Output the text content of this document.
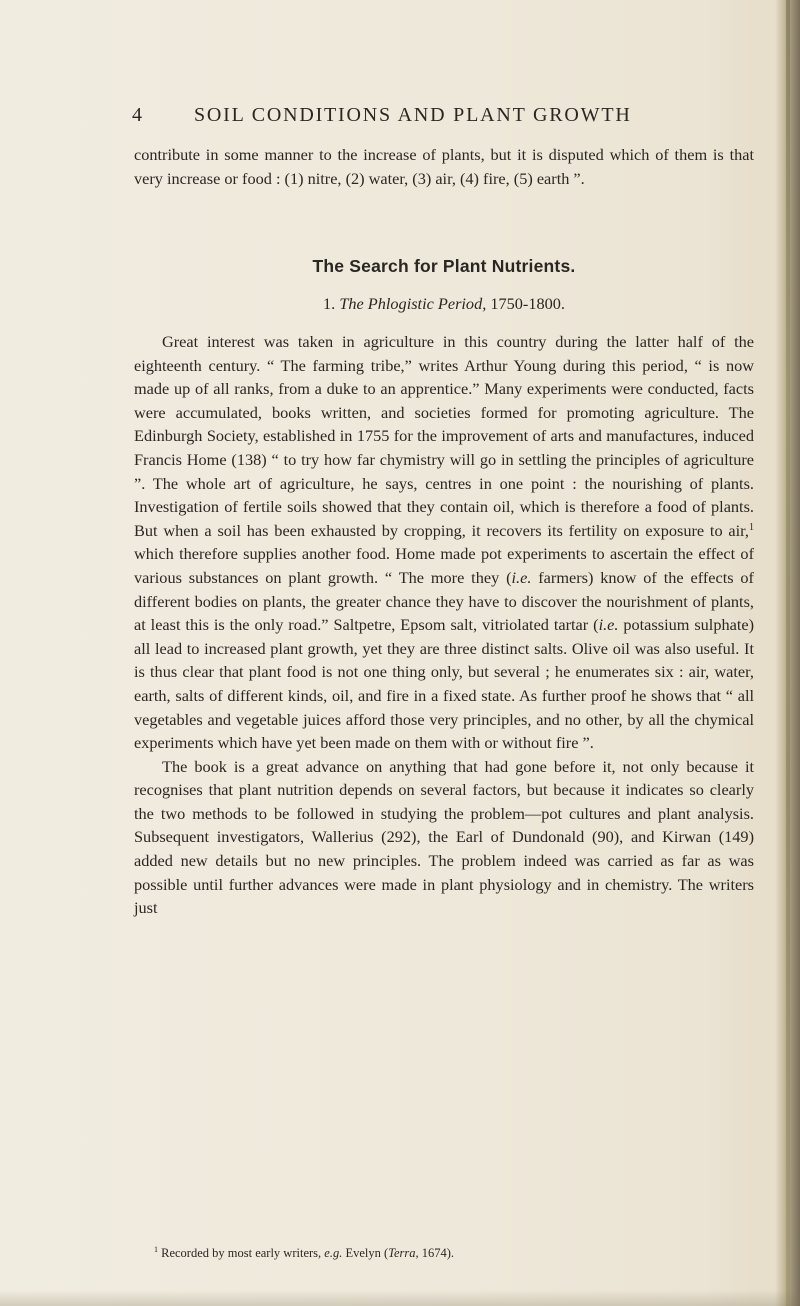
4	SOIL CONDITIONS AND PLANT GROWTH
contribute in some manner to the increase of plants, but it is disputed which of them is that very increase or food : (1) nitre, (2) water, (3) air, (4) fire, (5) earth ”.
The Search for Plant Nutrients.
1. The Phlogistic Period, 1750-1800.

Great interest was taken in agriculture in this country during the latter half of the eighteenth century. “ The farming tribe,” writes Arthur Young during this period, “ is now made up of all ranks, from a duke to an apprentice.” Many experiments were conducted, facts were accumulated, books written, and societies formed for promoting agriculture. The Edinburgh Society, established in 1755 for the improvement of arts and manufactures, induced Francis Home (138) “ to try how far chymistry will go in settling the principles of agriculture ”. The whole art of agriculture, he says, centres in one point : the nourishing of plants. Investigation of fertile soils showed that they contain oil, which is therefore a food of plants. But when a soil has been exhausted by cropping, it recovers its fertility on exposure to air,$^1$ which therefore supplies another food. Home made pot experiments to ascertain the effect of various substances on plant growth. “ The more they (i.e. farmers) know of the effects of different bodies on plants, the greater chance they have to discover the nourishment of plants, at least this is the only road.” Saltpetre, Epsom salt, vitriolated tartar (i.e. potassium sulphate) all lead to increased plant growth, yet they are three distinct salts. Olive oil was also useful. It is thus clear that plant food is not one thing only, but several ; he enumerates six : air, water, earth, salts of different kinds, oil, and fire in a fixed state. As further proof he shows that “ all vegetables and vegetable juices afford those very principles, and no other, by all the chymical experiments which have yet been made on them with or without fire ”.

The book is a great advance on anything that had gone before it, not only because it recognises that plant nutrition depends on several factors, but because it indicates so clearly the two methods to be followed in studying the problem—pot cultures and plant analysis. Subsequent investigators, Wallerius (292), the Earl of Dundonald (90), and Kirwan (149) added new details but no new principles. The problem indeed was carried as far as was possible until further advances were made in plant physiology and in chemistry. The writers just

$^1$ Recorded by most early writers, e.g. Evelyn (Terra, 1674).
